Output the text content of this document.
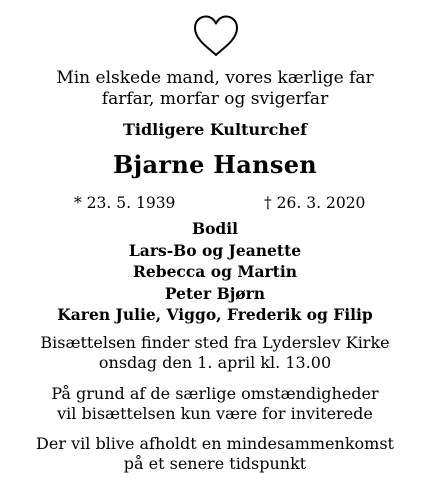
Min elskede mand, vores kærlige far
farfar, morfar og svigerfar
Tidligere Kulturchef
Bjarne Hansen
* 23. 5. 1939	† 26. 3. 2020
Bodil
Lars-Bo og Jeanette
Rebecca og Martin
Peter Bjørn
Karen Julie, Viggo, Frederik og Filip
Bisættelsen finder sted fra Lyderslev Kirke
onsdag den 1. april kl. 13.00
På grund af de særlige omstændigheder
vil bisættelsen kun være for inviterede
Der vil blive afholdt en mindesammenkomst
på et senere tidspunkt
